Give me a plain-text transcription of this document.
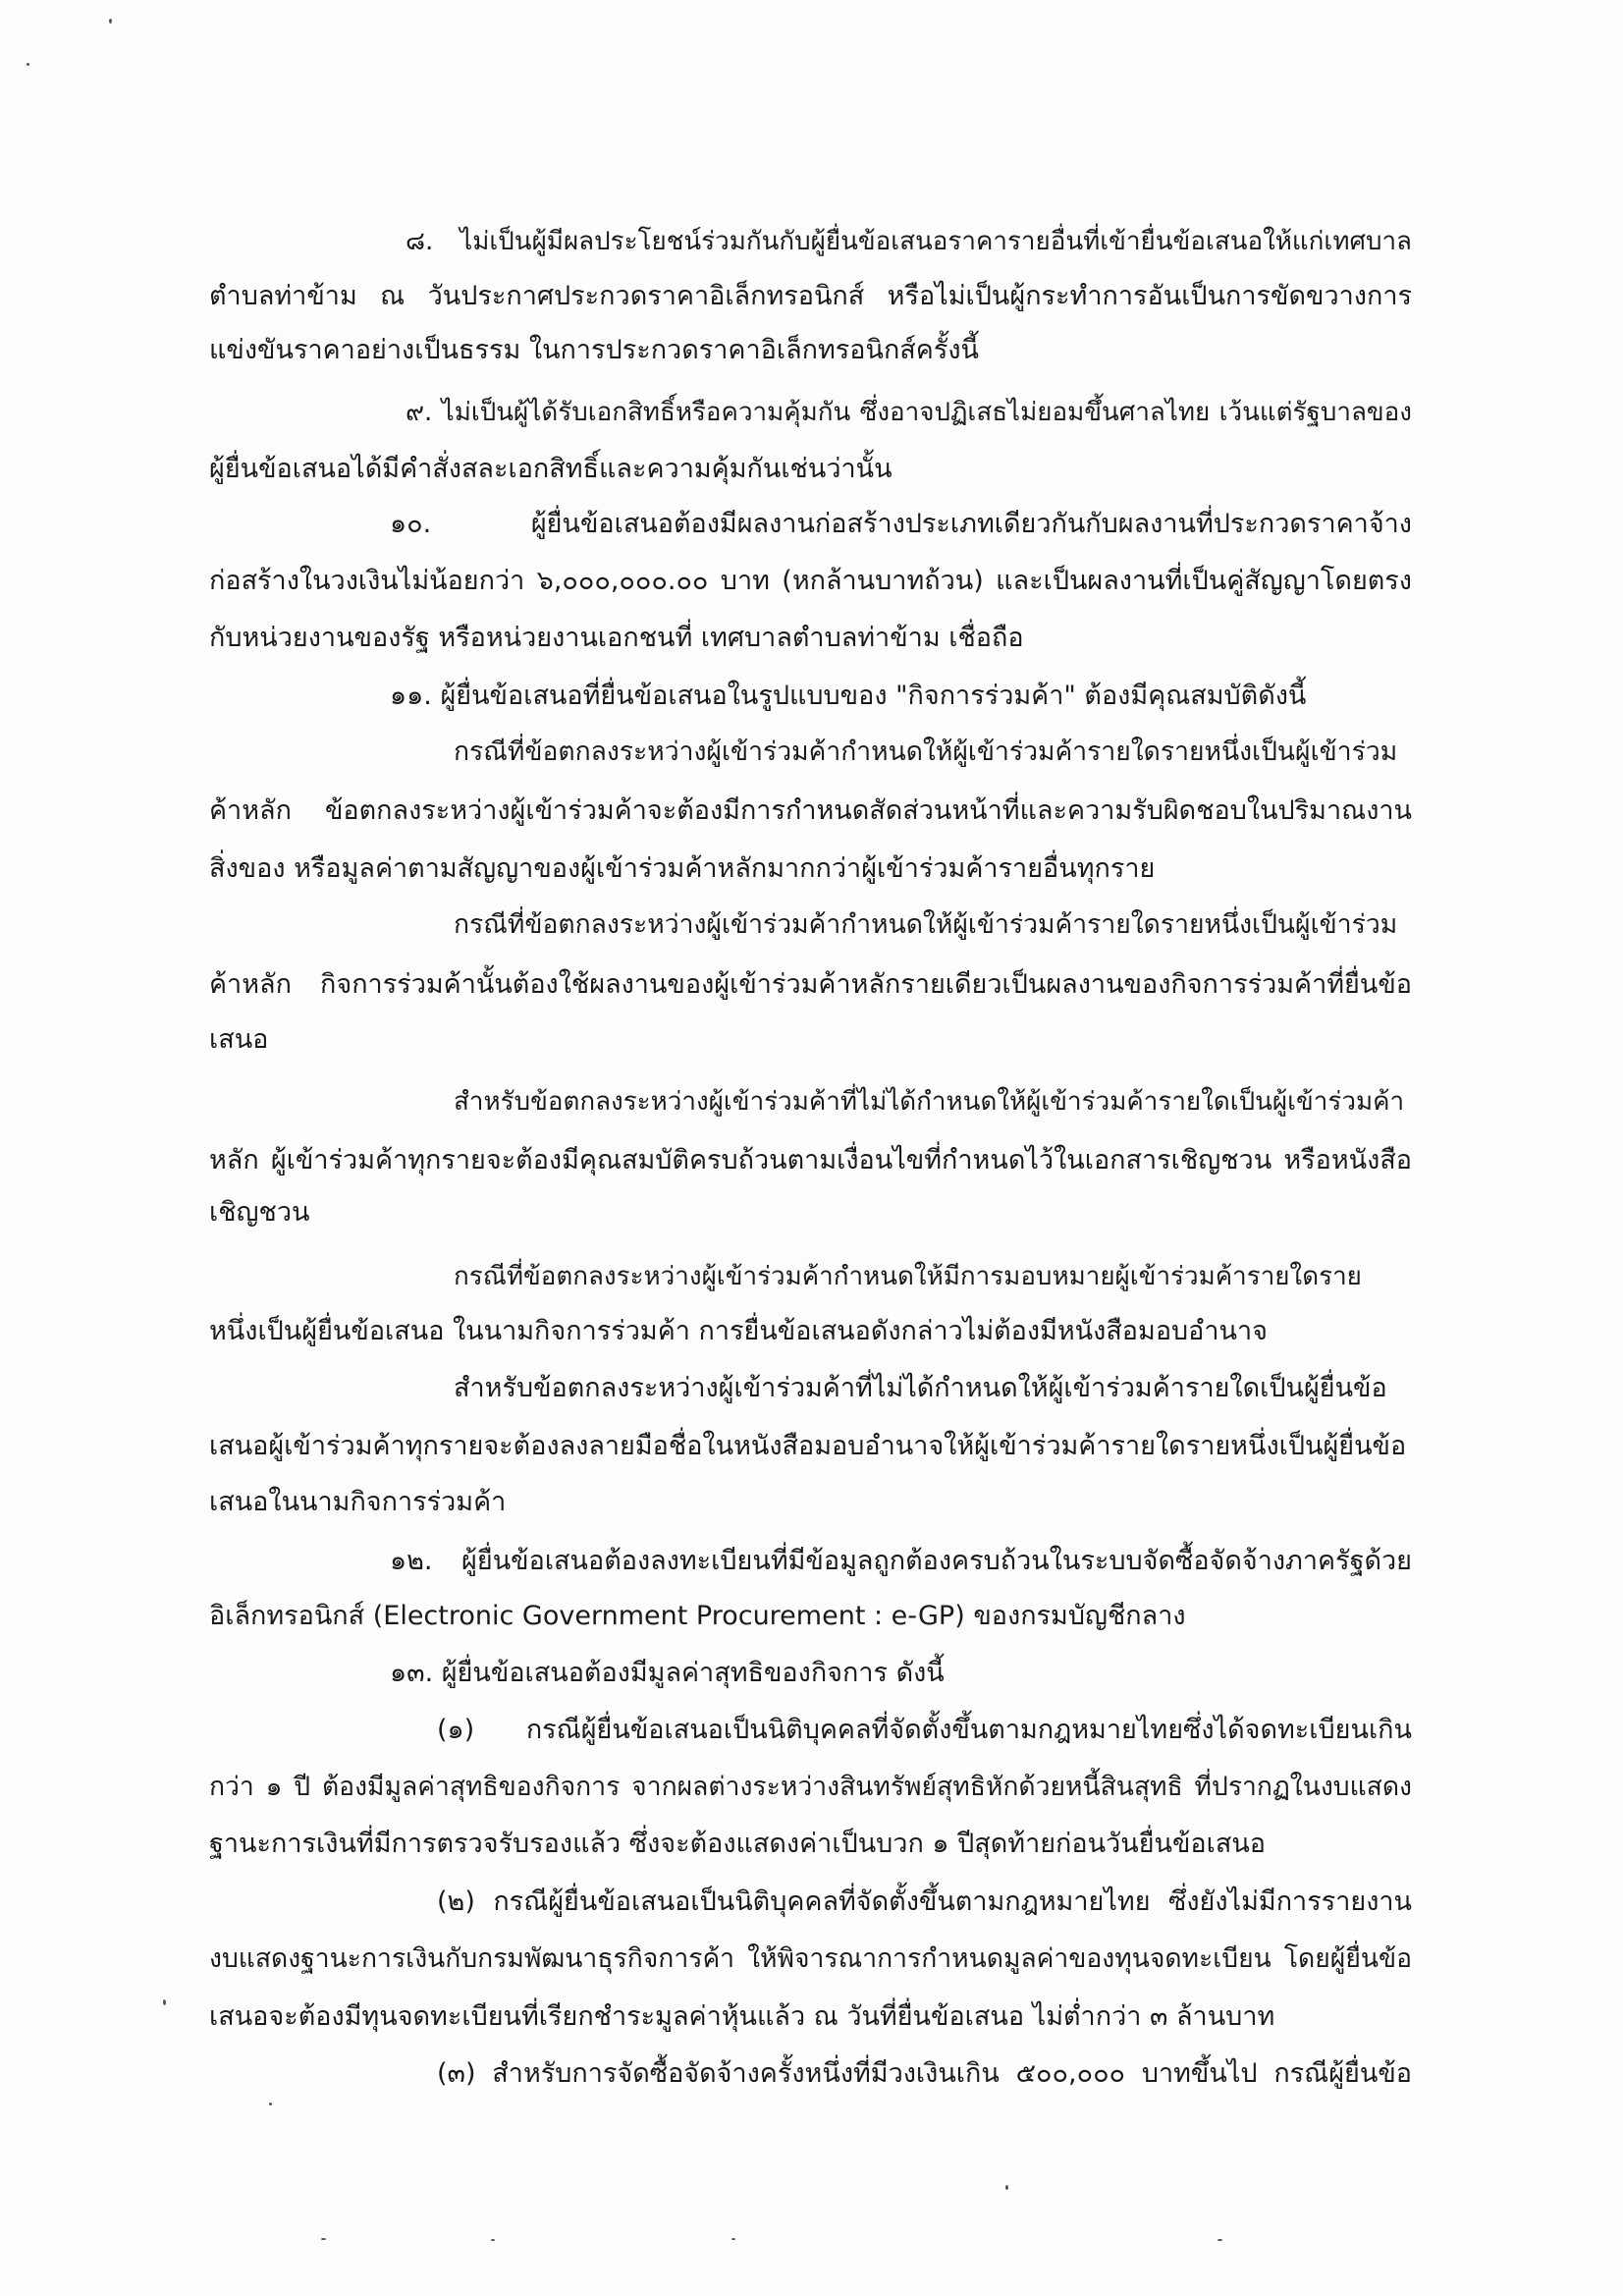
๘. ไม่เป็นผู้มีผลประโยชน์ร่วมกันกับผู้ยื่นข้อเสนอราคารายอื่นที่เข้ายื่นข้อเสนอให้แก่เทศบาล

ตำบลท่าข้าม ณ วันประกาศประกวดราคาอิเล็กทรอนิกส์ หรือไม่เป็นผู้กระทำการอันเป็นการขัดขวางการ

แข่งขันราคาอย่างเป็นธรรม ในการประกวดราคาอิเล็กทรอนิกส์ครั้งนี้

๙. ไม่เป็นผู้ได้รับเอกสิทธิ์หรือความคุ้มกัน ซึ่งอาจปฏิเสธไม่ยอมขึ้นศาลไทย เว้นแต่รัฐบาลของ

ผู้ยื่นข้อเสนอได้มีคำสั่งสละเอกสิทธิ์และความคุ้มกันเช่นว่านั้น

๑๐. ผู้ยื่นข้อเสนอต้องมีผลงานก่อสร้างประเภทเดียวกันกับผลงานที่ประกวดราคาจ้าง

ก่อสร้างในวงเงินไม่น้อยกว่า ๖,๐๐๐,๐๐๐.๐๐ บาท (หกล้านบาทถ้วน) และเป็นผลงานที่เป็นคู่สัญญาโดยตรง

กับหน่วยงานของรัฐ หรือหน่วยงานเอกชนที่ เทศบาลตำบลท่าข้าม เชื่อถือ

๑๑. ผู้ยื่นข้อเสนอที่ยื่นข้อเสนอในรูปแบบของ "กิจการร่วมค้า" ต้องมีคุณสมบัติดังนี้

กรณีที่ข้อตกลงระหว่างผู้เข้าร่วมค้ากำหนดให้ผู้เข้าร่วมค้ารายใดรายหนึ่งเป็นผู้เข้าร่วม

ค้าหลัก ข้อตกลงระหว่างผู้เข้าร่วมค้าจะต้องมีการกำหนดสัดส่วนหน้าที่และความรับผิดชอบในปริมาณงาน

สิ่งของ หรือมูลค่าตามสัญญาของผู้เข้าร่วมค้าหลักมากกว่าผู้เข้าร่วมค้ารายอื่นทุกราย

กรณีที่ข้อตกลงระหว่างผู้เข้าร่วมค้ากำหนดให้ผู้เข้าร่วมค้ารายใดรายหนึ่งเป็นผู้เข้าร่วม

ค้าหลัก กิจการร่วมค้านั้นต้องใช้ผลงานของผู้เข้าร่วมค้าหลักรายเดียวเป็นผลงานของกิจการร่วมค้าที่ยื่นข้อ

เสนอ

สำหรับข้อตกลงระหว่างผู้เข้าร่วมค้าที่ไม่ได้กำหนดให้ผู้เข้าร่วมค้ารายใดเป็นผู้เข้าร่วมค้า

หลัก ผู้เข้าร่วมค้าทุกรายจะต้องมีคุณสมบัติครบถ้วนตามเงื่อนไขที่กำหนดไว้ในเอกสารเชิญชวน หรือหนังสือ

เชิญชวน

กรณีที่ข้อตกลงระหว่างผู้เข้าร่วมค้ากำหนดให้มีการมอบหมายผู้เข้าร่วมค้ารายใดราย

หนึ่งเป็นผู้ยื่นข้อเสนอ ในนามกิจการร่วมค้า การยื่นข้อเสนอดังกล่าวไม่ต้องมีหนังสือมอบอำนาจ

สำหรับข้อตกลงระหว่างผู้เข้าร่วมค้าที่ไม่ได้กำหนดให้ผู้เข้าร่วมค้ารายใดเป็นผู้ยื่นข้อ

เสนอผู้เข้าร่วมค้าทุกรายจะต้องลงลายมือชื่อในหนังสือมอบอำนาจให้ผู้เข้าร่วมค้ารายใดรายหนึ่งเป็นผู้ยื่นข้อ

เสนอในนามกิจการร่วมค้า

๑๒. ผู้ยื่นข้อเสนอต้องลงทะเบียนที่มีข้อมูลถูกต้องครบถ้วนในระบบจัดซื้อจัดจ้างภาครัฐด้วย

อิเล็กทรอนิกส์ (Electronic Government Procurement : e-GP) ของกรมบัญชีกลาง

๑๓. ผู้ยื่นข้อเสนอต้องมีมูลค่าสุทธิของกิจการ ดังนี้

(๑) กรณีผู้ยื่นข้อเสนอเป็นนิติบุคคลที่จัดตั้งขึ้นตามกฎหมายไทยซึ่งได้จดทะเบียนเกิน

กว่า ๑ ปี ต้องมีมูลค่าสุทธิของกิจการ จากผลต่างระหว่างสินทรัพย์สุทธิหักด้วยหนี้สินสุทธิ ที่ปรากฏในงบแสดง

ฐานะการเงินที่มีการตรวจรับรองแล้ว ซึ่งจะต้องแสดงค่าเป็นบวก ๑ ปีสุดท้ายก่อนวันยื่นข้อเสนอ

(๒) กรณีผู้ยื่นข้อเสนอเป็นนิติบุคคลที่จัดตั้งขึ้นตามกฎหมายไทย ซึ่งยังไม่มีการรายงาน

งบแสดงฐานะการเงินกับกรมพัฒนาธุรกิจการค้า ให้พิจารณาการกำหนดมูลค่าของทุนจดทะเบียน โดยผู้ยื่นข้อ

เสนอจะต้องมีทุนจดทะเบียนที่เรียกชำระมูลค่าหุ้นแล้ว ณ วันที่ยื่นข้อเสนอ ไม่ต่ำกว่า ๓ ล้านบาท

(๓) สำหรับการจัดซื้อจัดจ้างครั้งหนึ่งที่มีวงเงินเกิน ๕๐๐,๐๐๐ บาทขึ้นไป กรณีผู้ยื่นข้อ
